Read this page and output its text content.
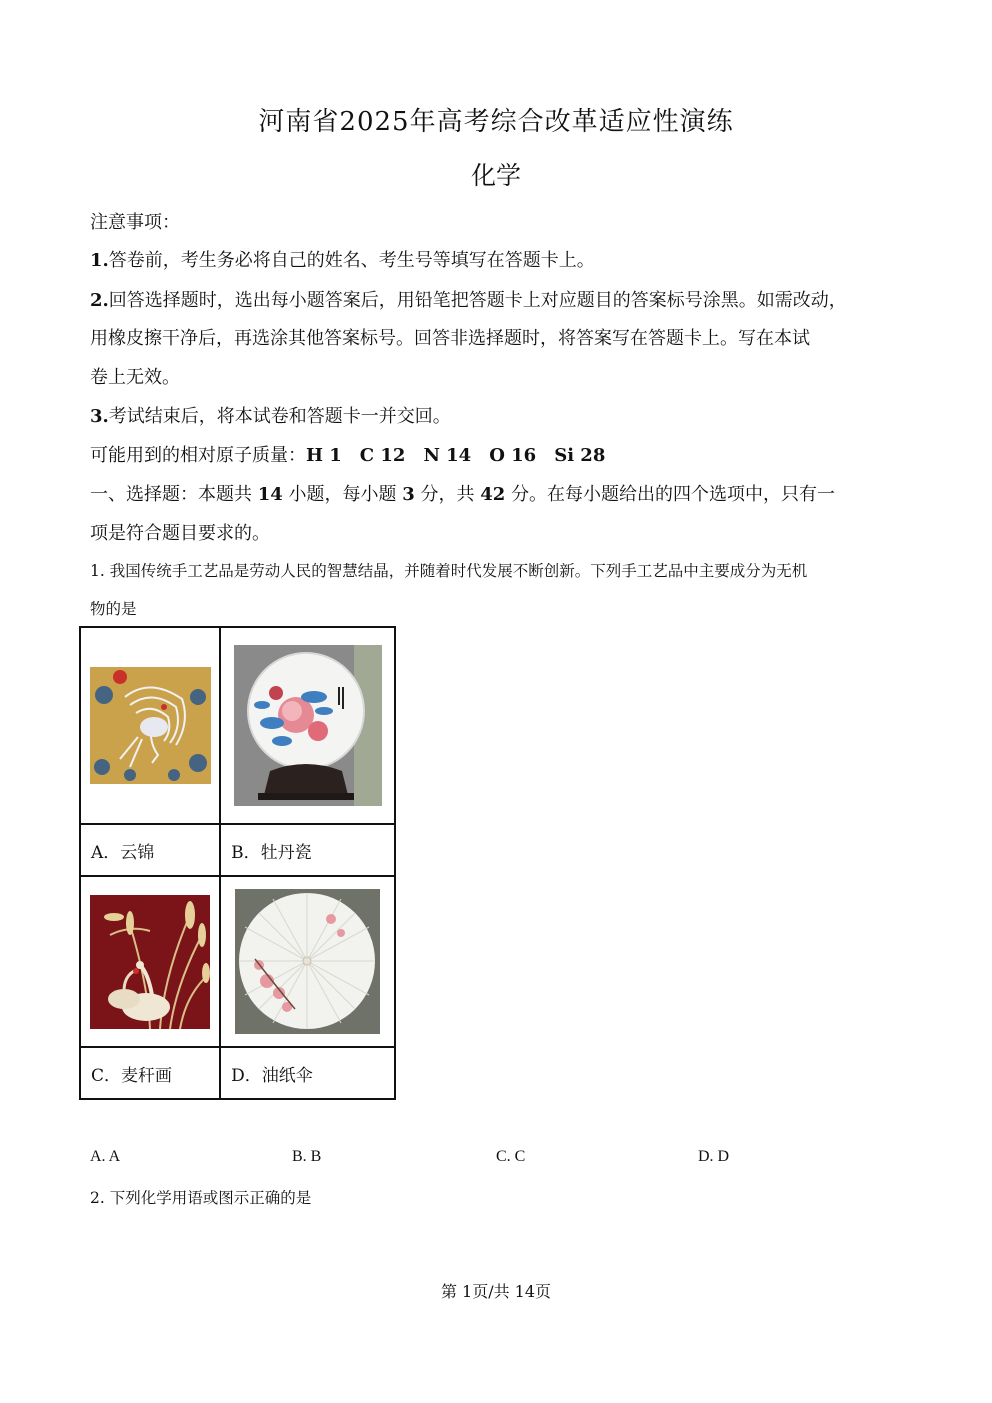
河南省2025年高考综合改革适应性演练
化学
注意事项：
1.答卷前，考生务必将自己的姓名、考生号等填写在答题卡上。
2.回答选择题时，选出每小题答案后，用铅笔把答题卡上对应题目的答案标号涂黑。如需改动，
用橡皮擦干净后，再选涂其他答案标号。回答非选择题时，将答案写在答题卡上。写在本试
卷上无效。
3.考试结束后，将本试卷和答题卡一并交回。
可能用到的相对原子质量：H 1　C 12　N 14　O 16　Si 28
一、选择题：本题共 14 小题，每小题 3 分，共 42 分。在每小题给出的四个选项中，只有一
项是符合题目要求的。
1. 我国传统手工艺品是劳动人民的智慧结晶，并随着时代发展不断创新。下列手工艺品中主要成分为无机
物的是

A．云锦	B．牡丹瓷

C．麦秆画	D．油纸伞
A. A	B. B	C. C	D. D
2. 下列化学用语或图示正确的是
第 1页/共 14页
